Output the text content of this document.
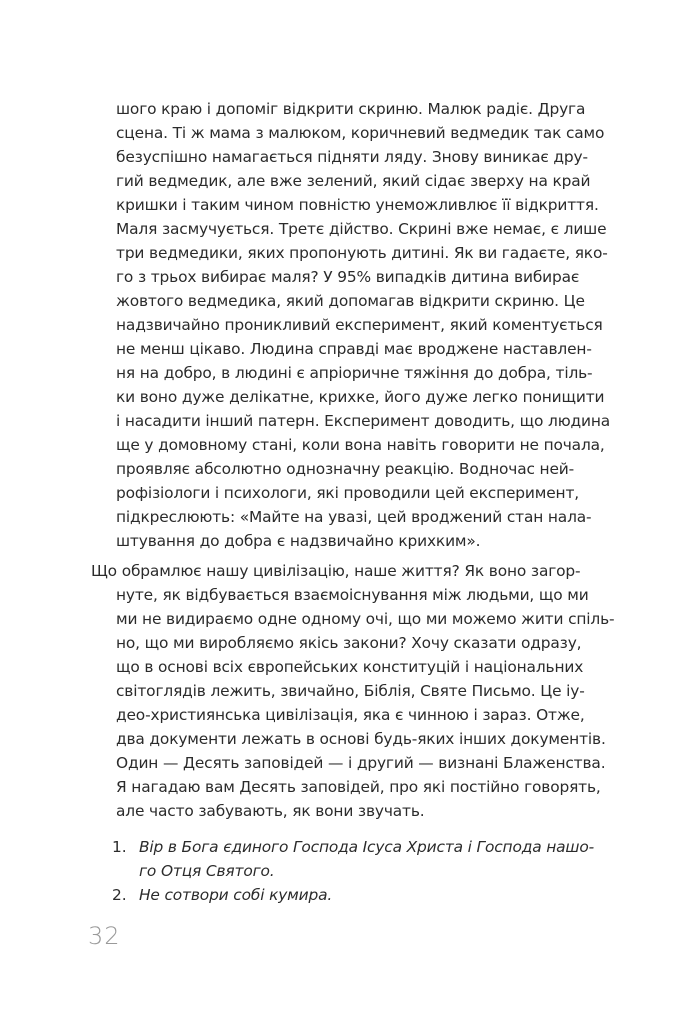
шого краю і допоміг відкрити скриню. Малюк радіє. Друга
сцена. Ті ж мама з малюком, коричневий ведмедик так само
безуспішно намагається підняти ляду. Знову виникає дру-
гий ведмедик, але вже зелений, який сідає зверху на край
кришки і таким чином повністю унеможливлює її відкриття.
Маля засмучується. Третє дійство. Скрині вже немає, є лише
три ведмедики, яких пропонують дитині. Як ви гадаєте, яко-
го з трьох вибирає маля? У 95% випадків дитина вибирає
жовтого ведмедика, який допомагав відкрити скриню. Це
надзвичайно проникливий експеримент, який коментується
не менш цікаво. Людина справді має вроджене наставлен-
ня на добро, в людині є апріоричне тяжіння до добра, тіль-
ки воно дуже делікатне, крихке, його дуже легко понищити
і насадити інший патерн. Експеримент доводить, що людина
ще у домовному стані, коли вона навіть говорити не почала,
проявляє абсолютно однозначну реакцію. Водночас ней-
рофізіологи і психологи, які проводили цей експеримент,
підкреслюють: «Майте на увазі, цей вроджений стан нала-
штування до добра є надзвичайно крихким».
Що обрамлює нашу цивілізацію, наше життя? Як воно загор-
нуте, як відбувається взаємоіснування між людьми, що ми
ми не видираємо одне одному очі, що ми можемо жити спіль-
но, що ми виробляємо якісь закони? Хочу сказати одразу,
що в основі всіх європейських конституцій і національних
світоглядів лежить, звичайно, Біблія, Святе Письмо. Це іу-
део-християнська цивілізація, яка є чинною і зараз. Отже,
два документи лежать в основі будь-яких інших документів.
Один — Десять заповідей — і другий — визнані Блаженства.
Я нагадаю вам Десять заповідей, про які постійно говорять,
але часто забувають, як вони звучать.
1. Вір в Бога єдиного Господа Ісуса Христа і Господа нашо-
го Отця Святого.
2. Не сотвори собі кумира.
32
